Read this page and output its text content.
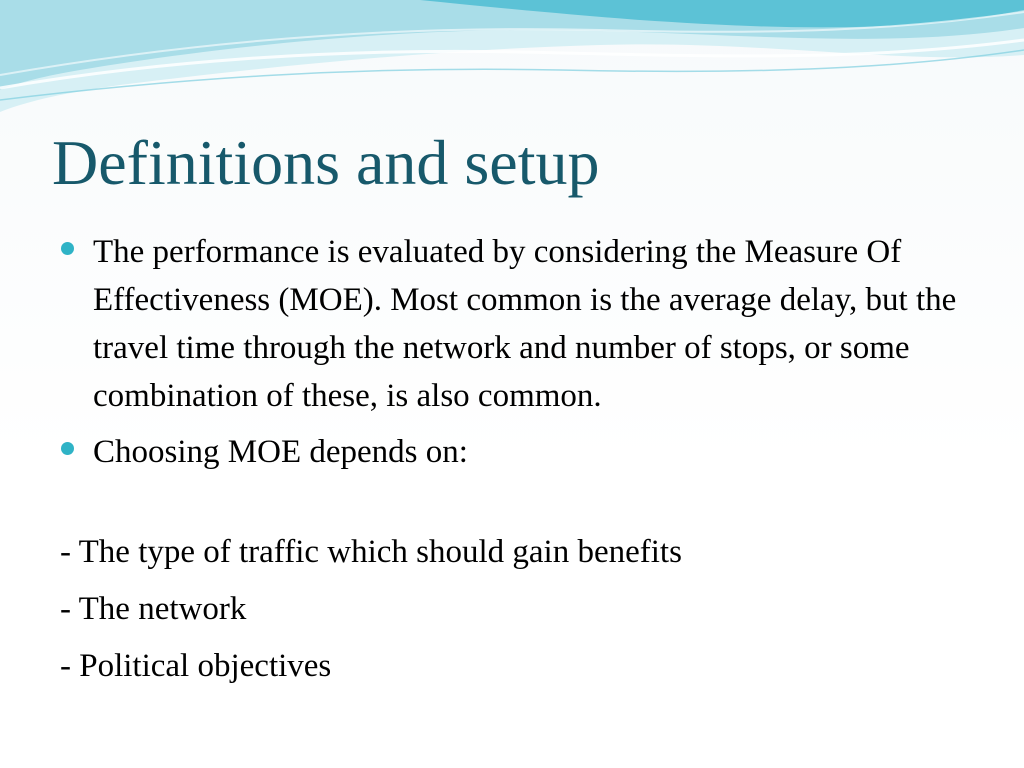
Definitions and setup
The performance is evaluated by considering the Measure Of Effectiveness (MOE). Most common is the average delay, but the travel time through the network and number of stops, or some combination of these, is also common.
Choosing MOE depends on:
- The type of traffic which should gain benefits
- The network
- Political objectives
